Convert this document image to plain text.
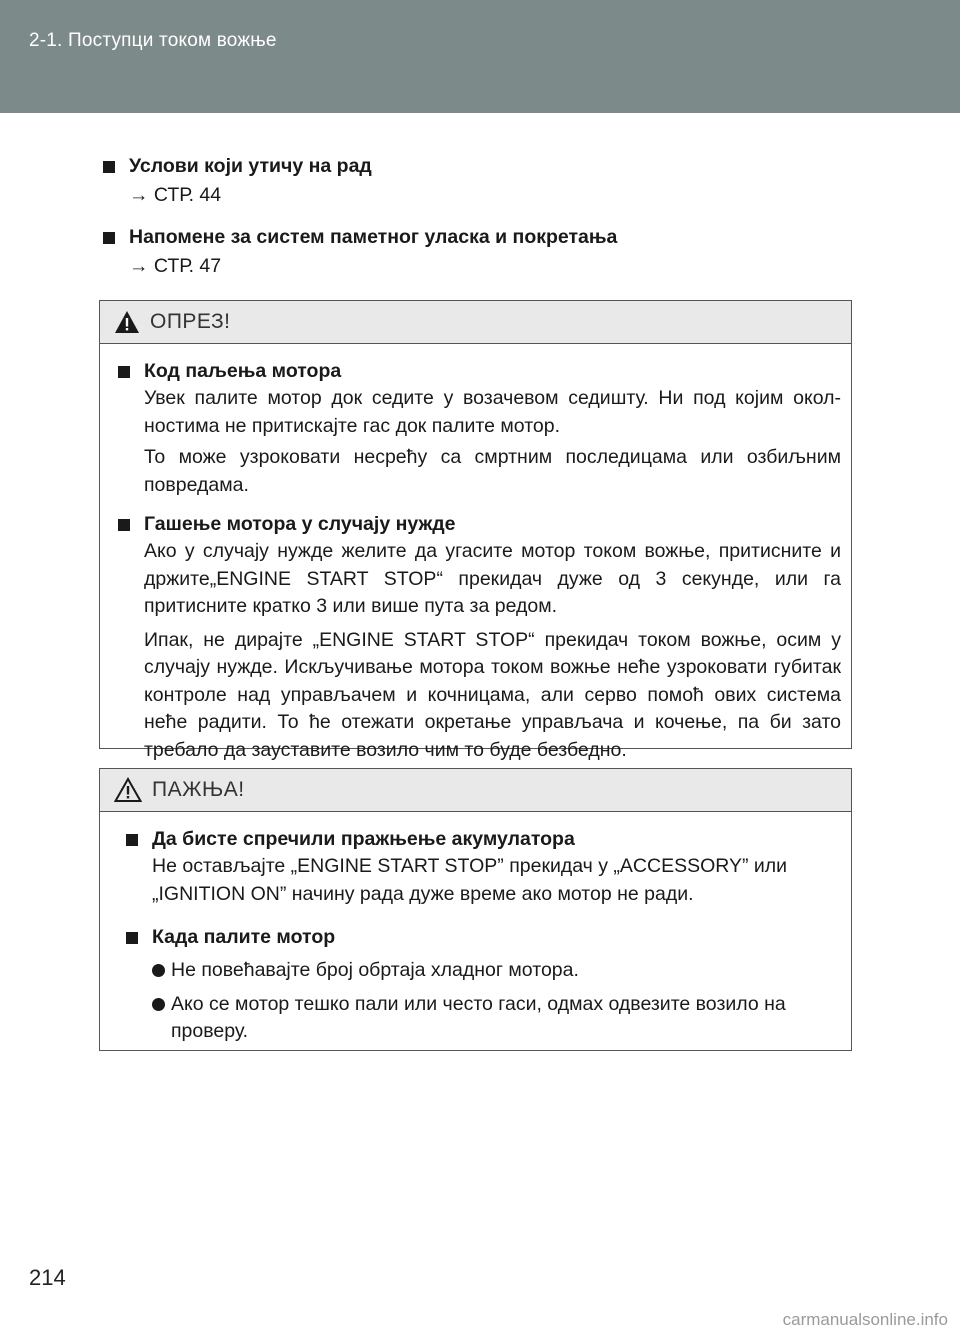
2-1. Поступци током вожње
Услови који утичу на рад
→ СТР. 44
Напомене за систем паметног уласка и покретања
→ СТР. 47
ОПРЕЗ!
Код паљења мотора
Увек палите мотор док седите у возачевом седишту. Ни под којим окол-ностима не притискајте гас док палите мотор.
То може узроковати несрећу са смртним последицама или озбиљним повредама.
Гашење мотора у случају нужде
Ако у случају нужде желите да угасите мотор током вожње, притисните и држите„ENGINE START STOP“ прекидач дуже од 3 секунде, или га притисните кратко 3 или више пута за редом.
Ипак, не дирајте „ENGINE START STOP“ прекидач током вожње, осим у случају нужде. Искључивање мотора током вожње неће узроковати губитак контроле над управљачем и кочницама, али серво помоћ ових система неће радити. То ће отежати окретање управљача и кочење, па би зато требало да зауставите возило чим то буде безбедно.
ПАЖЊА!
Да бисте спречили пражњење акумулатора
Не остављајте „ENGINE START STOP” прекидач у „ACCESSORY” или „IGNITION ON” начину рада дуже време ако мотор не ради.
Када палите мотор
Не повећавајте број обртаја хладног мотора.
Ако се мотор тешко пали или често гаси, одмах одвезите возило на проверу.
214
carmanualsonline.info
